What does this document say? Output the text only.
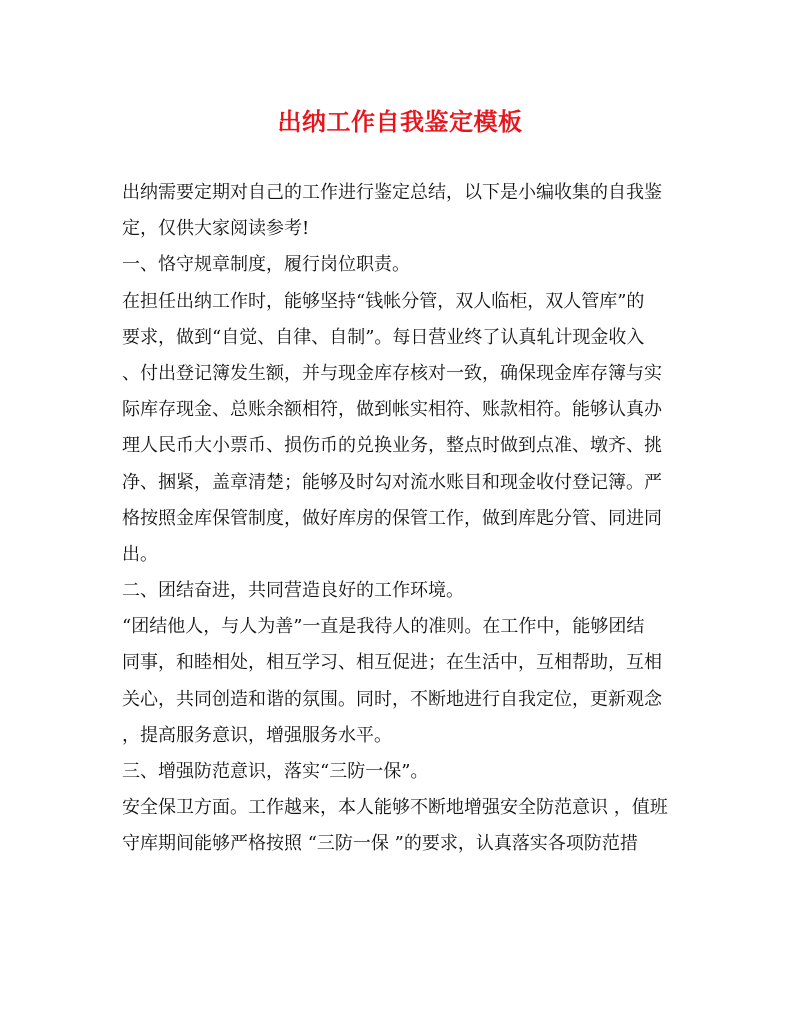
出纳工作自我鉴定模板
出纳需要定期对自己的工作进行鉴定总结，以下是小编收集的自我鉴
定，仅供大家阅读参考!
一、恪守规章制度，履行岗位职责。
在担任出纳工作时，能够坚持“钱帐分管，双人临柜，双人管库”的
要求，做到“自觉、自律、自制”。每日营业终了认真轧计现金收入
、付出登记簿发生额，并与现金库存核对一致，确保现金库存簿与实
际库存现金、总账余额相符，做到帐实相符、账款相符。能够认真办
理人民币大小票币、损伤币的兑换业务，整点时做到点准、墩齐、挑
净、捆紧，盖章清楚；能够及时勾对流水账目和现金收付登记簿。严
格按照金库保管制度，做好库房的保管工作，做到库匙分管、同进同
出。
二、团结奋进，共同营造良好的工作环境。
“团结他人，与人为善”一直是我待人的准则。在工作中，能够团结
同事，和睦相处，相互学习、相互促进；在生活中，互相帮助，互相
关心，共同创造和谐的氛围。同时，不断地进行自我定位，更新观念
，提高服务意识，增强服务水平。
三、增强防范意识，落实“三防一保”。
安全保卫方面。工作越来，本人能够不断地增强安全防范意识 ，值班
守库期间能够严格按照 “三防一保 ”的要求，认真落实各项防范措
